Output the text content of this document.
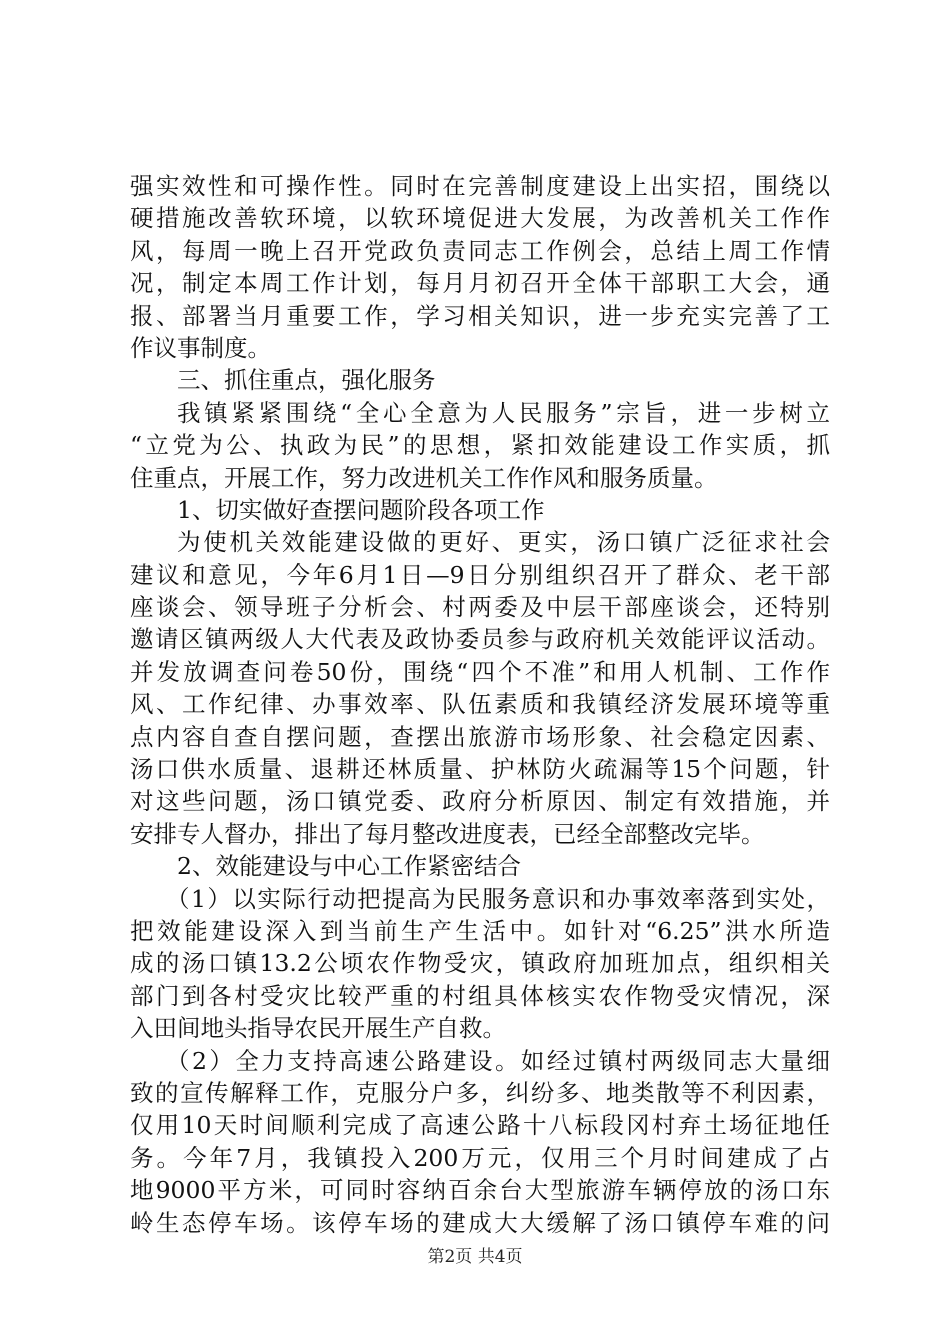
强实效性和可操作性。同时在完善制度建设上出实招，围绕以
硬措施改善软环境，以软环境促进大发展，为改善机关工作作
风，每周一晚上召开党政负责同志工作例会，总结上周工作情
况，制定本周工作计划，每月月初召开全体干部职工大会，通
报、部署当月重要工作，学习相关知识，进一步充实完善了工
作议事制度。
三、抓住重点，强化服务
我镇紧紧围绕“全心全意为人民服务”宗旨，进一步树立
“立党为公、执政为民”的思想，紧扣效能建设工作实质，抓
住重点，开展工作，努力改进机关工作作风和服务质量。
1、切实做好查摆问题阶段各项工作
为使机关效能建设做的更好、更实，汤口镇广泛征求社会
建议和意见，今年6月1日—9日分别组织召开了群众、老干部
座谈会、领导班子分析会、村两委及中层干部座谈会，还特别
邀请区镇两级人大代表及政协委员参与政府机关效能评议活动。
并发放调查问卷50份，围绕“四个不准”和用人机制、工作作
风、工作纪律、办事效率、队伍素质和我镇经济发展环境等重
点内容自查自摆问题，查摆出旅游市场形象、社会稳定因素、
汤口供水质量、退耕还林质量、护林防火疏漏等15个问题，针
对这些问题，汤口镇党委、政府分析原因、制定有效措施，并
安排专人督办，排出了每月整改进度表，已经全部整改完毕。
2、效能建设与中心工作紧密结合
（1）以实际行动把提高为民服务意识和办事效率落到实处，
把效能建设深入到当前生产生活中。如针对“6.25”洪水所造
成的汤口镇13.2公顷农作物受灾，镇政府加班加点，组织相关
部门到各村受灾比较严重的村组具体核实农作物受灾情况，深
入田间地头指导农民开展生产自救。
（2）全力支持高速公路建设。如经过镇村两级同志大量细
致的宣传解释工作，克服分户多，纠纷多、地类散等不利因素，
仅用10天时间顺利完成了高速公路十八标段冈村弃土场征地任
务。今年7月，我镇投入200万元，仅用三个月时间建成了占
地9000平方米，可同时容纳百余台大型旅游车辆停放的汤口东
岭生态停车场。该停车场的建成大大缓解了汤口镇停车难的问
第2页 共4页
